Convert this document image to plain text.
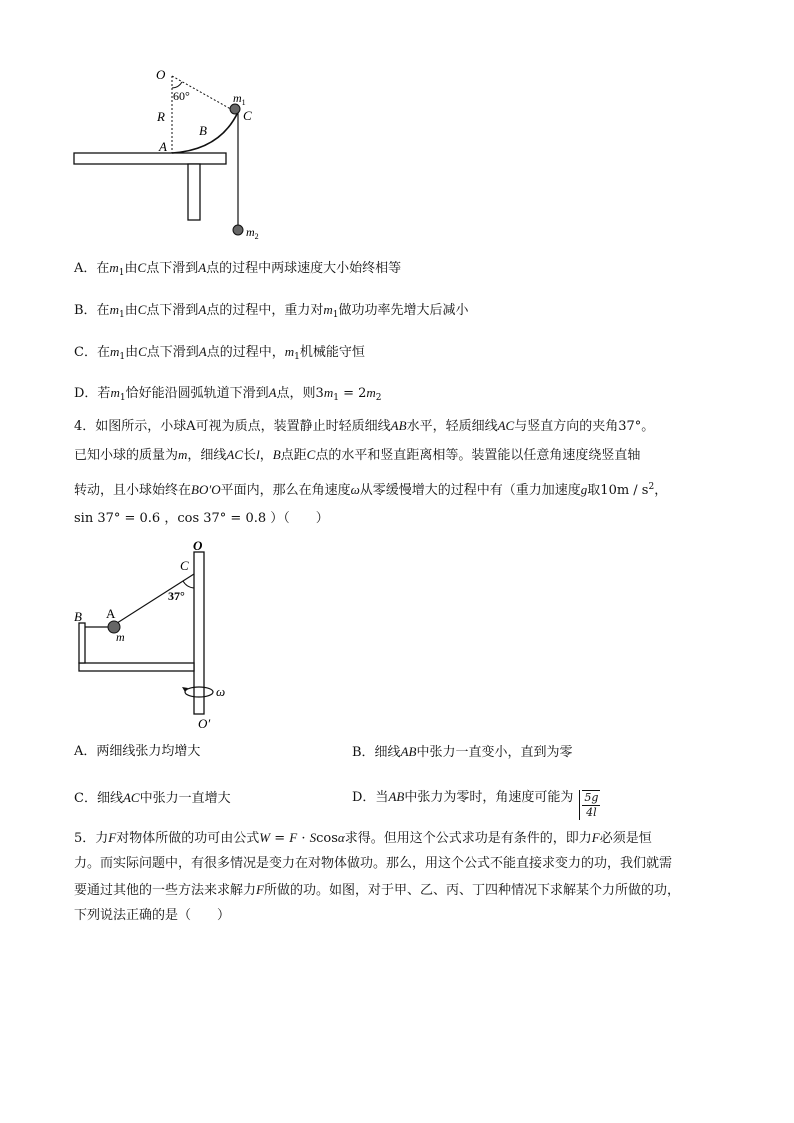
O
60°	$m_1$
C
R
B
A
$m_2$
A．在$m_1$由C点下滑到A点的过程中两球速度大小始终相等
B．在$m_1$由C点下滑到A点的过程中，重力对$m_1$做功功率先增大后减小
C．在$m_1$由C点下滑到A点的过程中，$m_1$机械能守恒
D．若$m_1$恰好能沿圆弧轨道下滑到A点，则$3m_1 = 2m_2$
4．如图所示，小球A可视为质点，装置静止时轻质细线AB水平，轻质细线AC与竖直方向的夹角37°。
已知小球的质量为m，细线AC长l，B点距C点的水平和竖直距离相等。装置能以任意角速度绕竖直轴
转动，且小球始终在BO′O平面内，那么在角速度ω从零缓慢增大的过程中有（重力加速度g取$10m / s^2$，
sin 37° = 0.6 ，cos 37° = 0.8 ）（　　）
O
C
37°
B A
m
ω
O′
A．两细线张力均增大	B．细线AB中张力一直变小，直到为零
C．细线AC中张力一直增大	D．当AB中张力为零时，角速度可能为 $\frac{5g}{4l}$
5．力F对物体所做的功可由公式W = F · Scosα求得。但用这个公式求功是有条件的，即力F必须是恒
力。而实际问题中，有很多情况是变力在对物体做功。那么，用这个公式不能直接求变力的功，我们就需
要通过其他的一些方法来求解力F所做的功。如图，对于甲、乙、丙、丁四种情况下求解某个力所做的功，
下列说法正确的是（　　）
